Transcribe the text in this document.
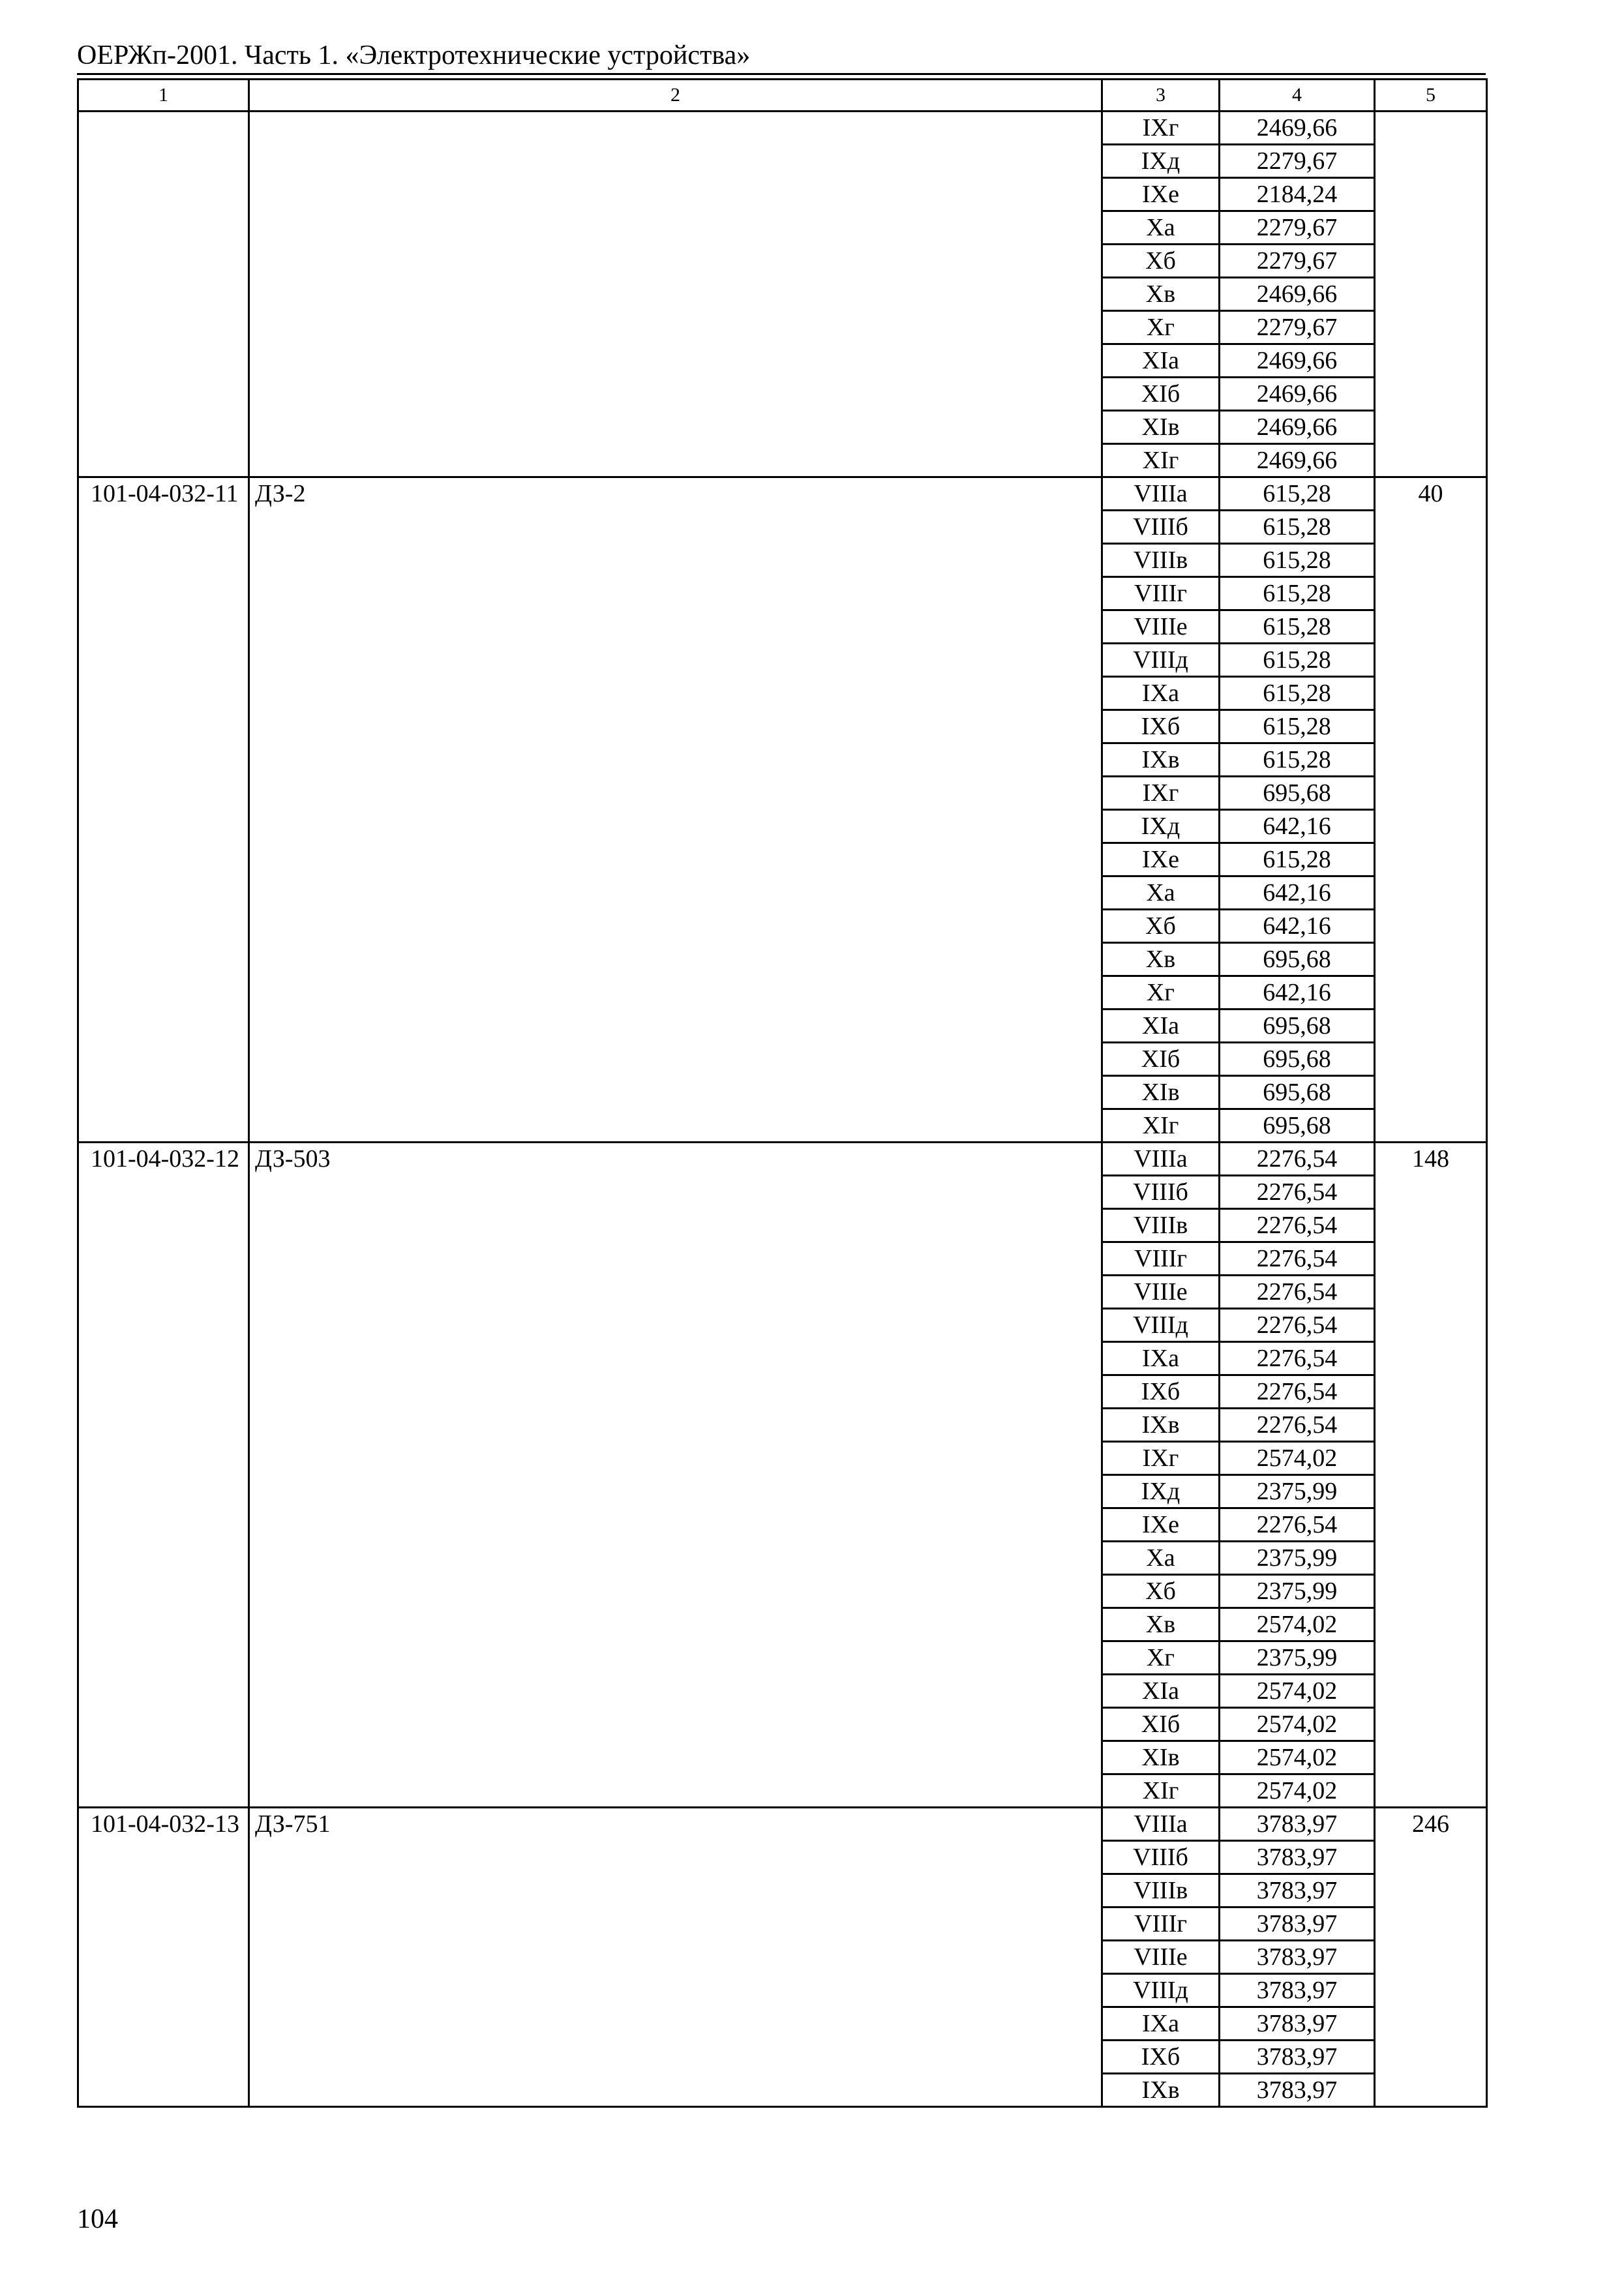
ОЕРЖп-2001. Часть 1. «Электротехнические устройства»
1	2	3	4	5
		IXг	2469,66	
		IXд	2279,67	
		IXе	2184,24	
		Xа	2279,67	
		Xб	2279,67	
		Xв	2469,66	
		Xг	2279,67	
		XIа	2469,66	
		XIб	2469,66	
		XIв	2469,66	
		XIг	2469,66	
101-04-032-11	ДЗ-2	VIIIа	615,28	40
		VIIIб	615,28	
		VIIIв	615,28	
		VIIIг	615,28	
		VIIIе	615,28	
		VIIIд	615,28	
		IXа	615,28	
		IXб	615,28	
		IXв	615,28	
		IXг	695,68	
		IXд	642,16	
		IXе	615,28	
		Xа	642,16	
		Xб	642,16	
		Xв	695,68	
		Xг	642,16	
		XIа	695,68	
		XIб	695,68	
		XIв	695,68	
		XIг	695,68	
101-04-032-12	ДЗ-503	VIIIа	2276,54	148
		VIIIб	2276,54	
		VIIIв	2276,54	
		VIIIг	2276,54	
		VIIIе	2276,54	
		VIIIд	2276,54	
		IXа	2276,54	
		IXб	2276,54	
		IXв	2276,54	
		IXг	2574,02	
		IXд	2375,99	
		IXе	2276,54	
		Xа	2375,99	
		Xб	2375,99	
		Xв	2574,02	
		Xг	2375,99	
		XIа	2574,02	
		XIб	2574,02	
		XIв	2574,02	
		XIг	2574,02	
101-04-032-13	ДЗ-751	VIIIа	3783,97	246
		VIIIб	3783,97	
		VIIIв	3783,97	
		VIIIг	3783,97	
		VIIIе	3783,97	
		VIIIд	3783,97	
		IXа	3783,97	
		IXб	3783,97	
		IXв	3783,97	
104
